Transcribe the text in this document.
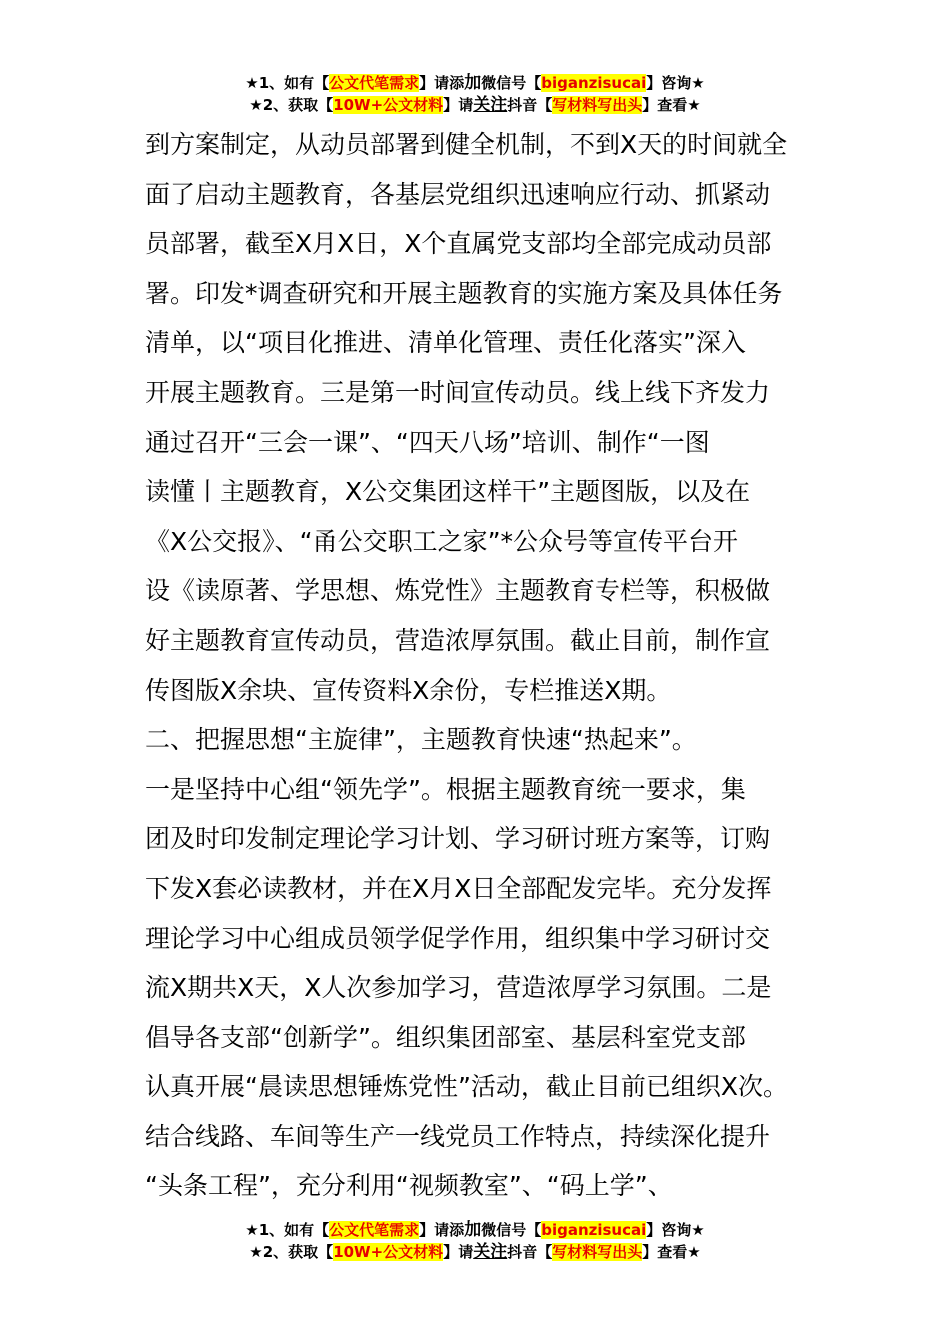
★1、如有【公文代笔需求】请添加微信号【biganzisucai】咨询★
★2、获取【10W+公文材料】请关注抖音【写材料写出头】查看★

到方案制定，从动员部署到健全机制，不到X天的时间就全

面了启动主题教育，各基层党组织迅速响应行动、抓紧动

员部署，截至X月X日，X个直属党支部均全部完成动员部

署。印发*调查研究和开展主题教育的实施方案及具体任务

清单，以“项目化推进、清单化管理、责任化落实”深入

开展主题教育。三是第一时间宣传动员。线上线下齐发力

通过召开“三会一课”、“四天八场”培训、制作“一图

读懂丨主题教育，X公交集团这样干”主题图版，以及在

《X公交报》、“甬公交职工之家”*公众号等宣传平台开

设《读原著、学思想、炼党性》主题教育专栏等，积极做

好主题教育宣传动员，营造浓厚氛围。截止目前，制作宣

传图版X余块、宣传资料X余份，专栏推送X期。

二、把握思想“主旋律”，主题教育快速“热起来”。

一是坚持中心组“领先学”。根据主题教育统一要求，集

团及时印发制定理论学习计划、学习研讨班方案等，订购

下发X套必读教材，并在X月X日全部配发完毕。充分发挥

理论学习中心组成员领学促学作用，组织集中学习研讨交

流X期共X天，X人次参加学习，营造浓厚学习氛围。二是

倡导各支部“创新学”。组织集团部室、基层科室党支部

认真开展“晨读思想锤炼党性”活动，截止目前已组织X次。

结合线路、车间等生产一线党员工作特点，持续深化提升

“头条工程”，充分利用“视频教室”、“码上学”、

★1、如有【公文代笔需求】请添加微信号【biganzisucai】咨询★
★2、获取【10W+公文材料】请关注抖音【写材料写出头】查看★
